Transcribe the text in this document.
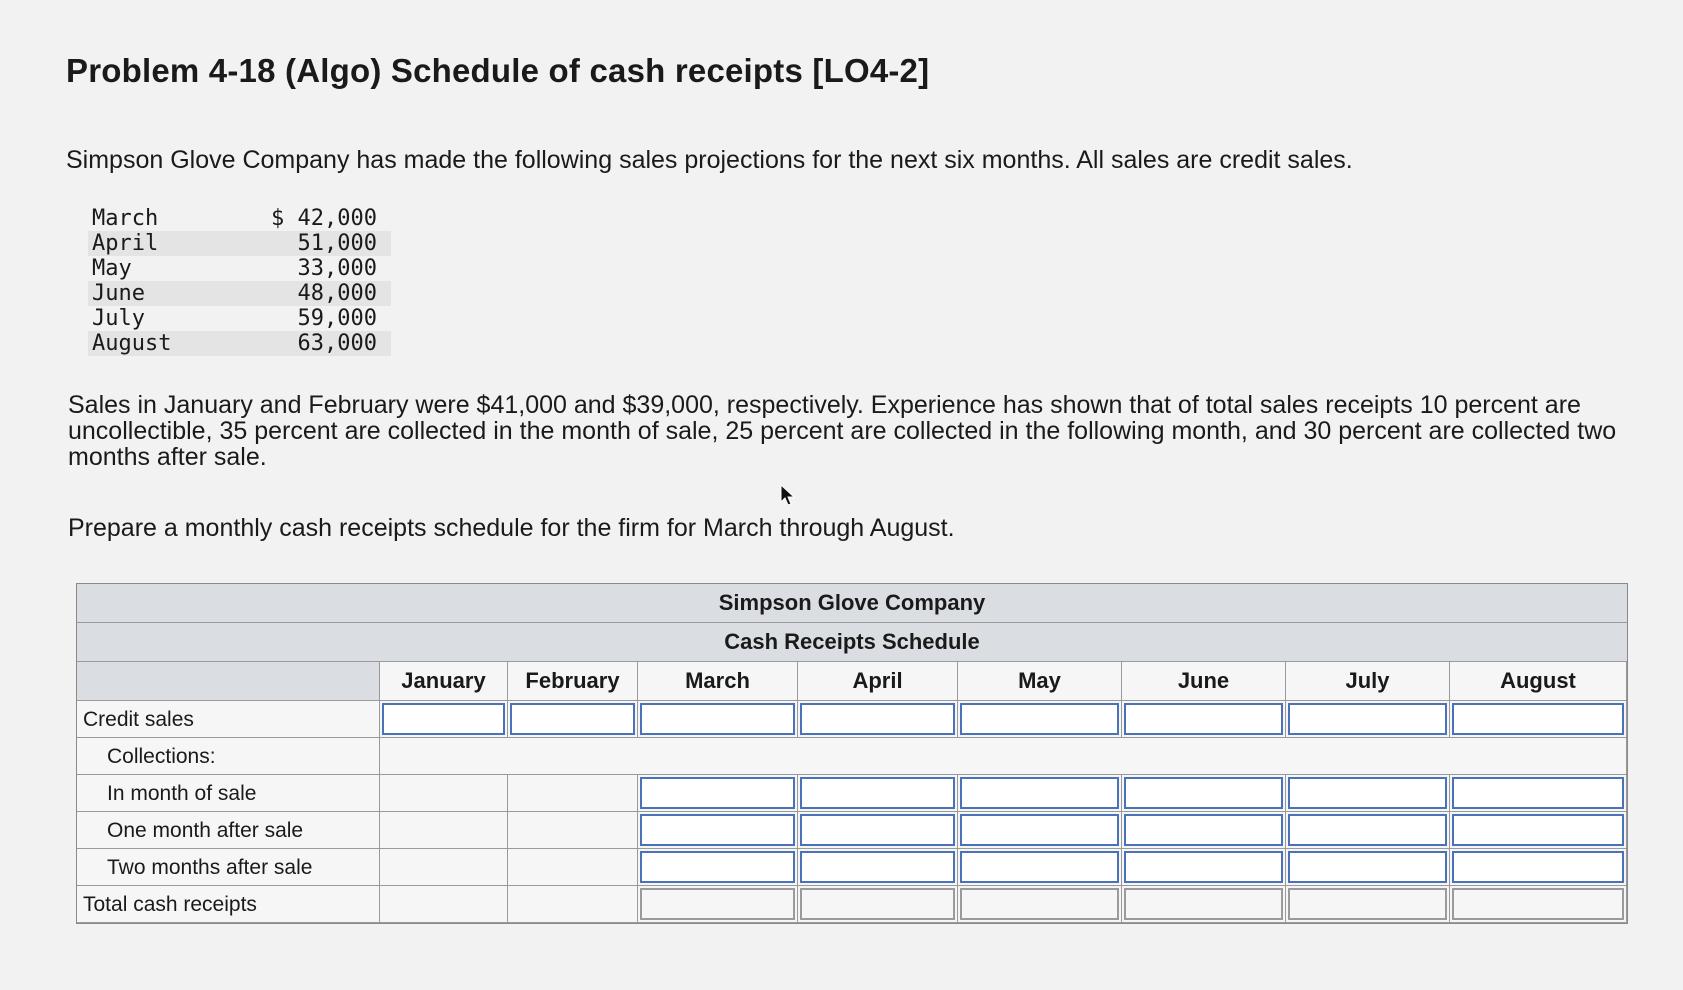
Problem 4-18 (Algo) Schedule of cash receipts [LO4-2]
Simpson Glove Company has made the following sales projections for the next six months. All sales are credit sales.
March	$ 42,000
April	51,000
May	33,000
June	48,000
July	59,000
August	63,000
Sales in January and February were $41,000 and $39,000, respectively. Experience has shown that of total sales receipts 10 percent are uncollectible, 35 percent are collected in the month of sale, 25 percent are collected in the following month, and 30 percent are collected two months after sale.
Prepare a monthly cash receipts schedule for the firm for March through August.
Simpson Glove Company
Cash Receipts Schedule
January	February	March	April	May	June	July	August
Credit sales
Collections:
In month of sale
One month after sale
Two months after sale
Total cash receipts
